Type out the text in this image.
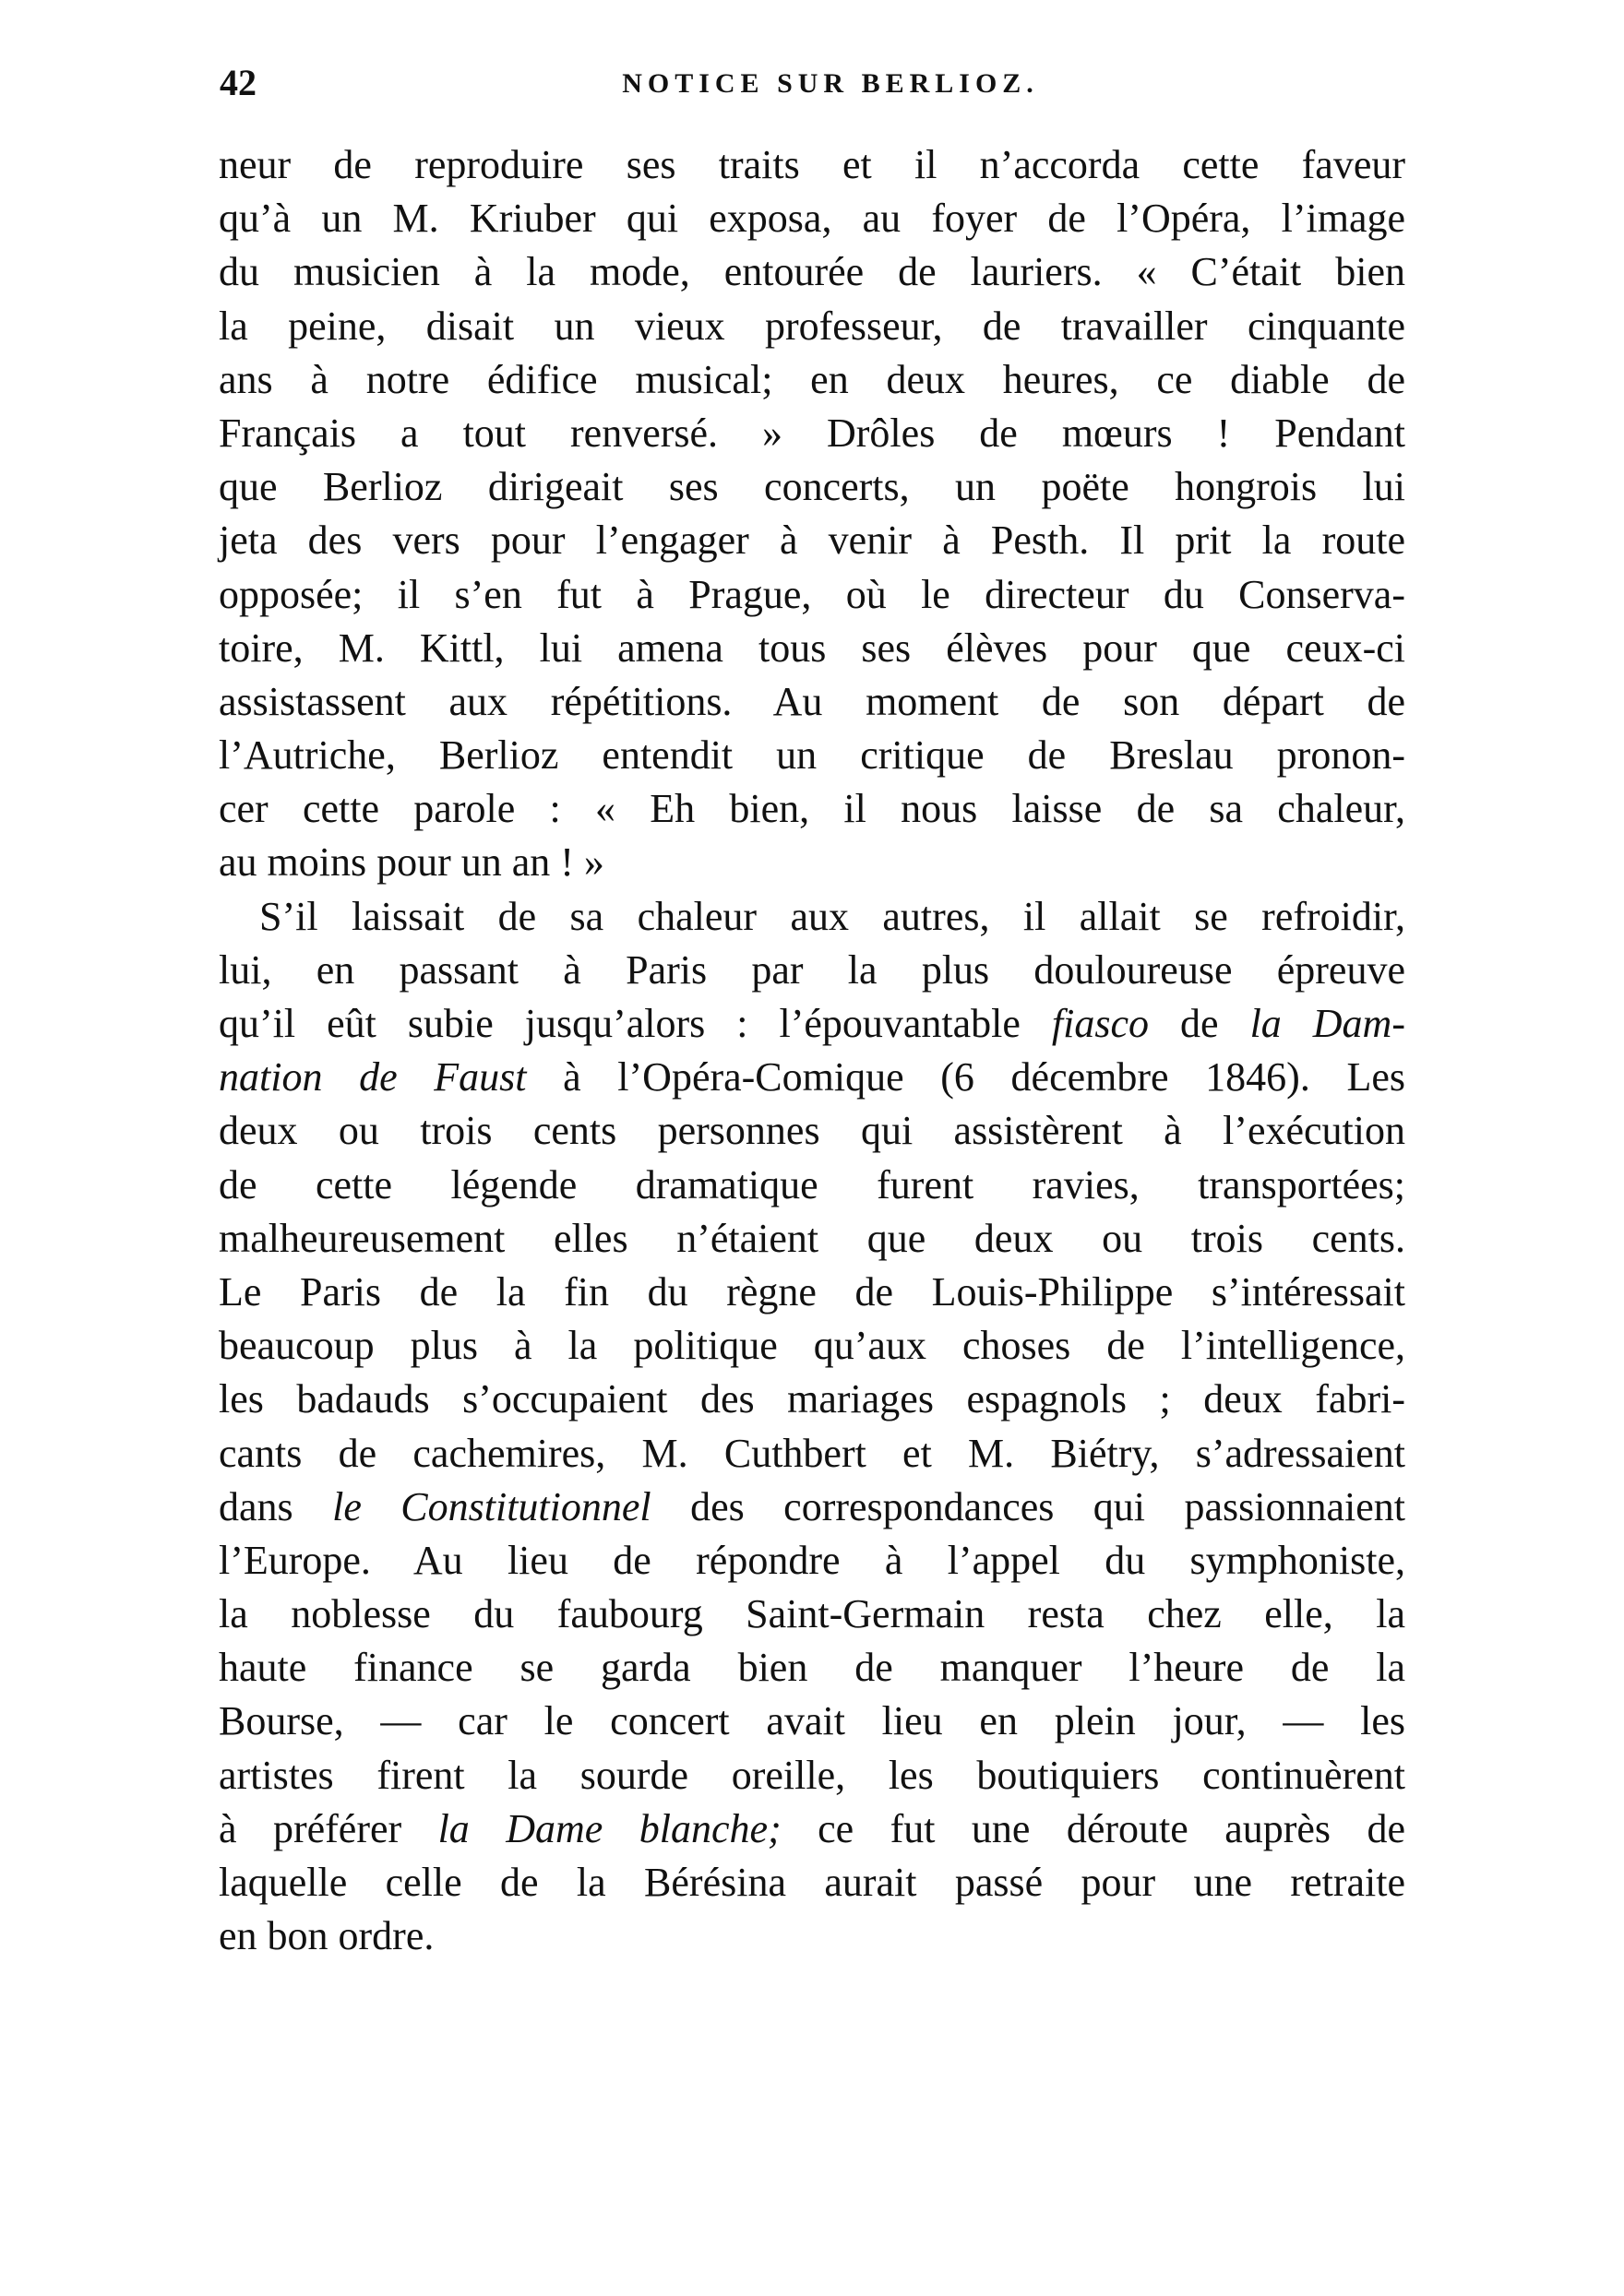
42	NOTICE SUR BERLIOZ.
neur de reproduire ses traits et il n’accorda cette faveur
qu’à un M. Kriuber qui exposa, au foyer de l’Opéra, l’image
du musicien à la mode, entourée de lauriers. « C’était bien
la peine, disait un vieux professeur, de travailler cinquante
ans à notre édifice musical; en deux heures, ce diable de
Français a tout renversé. » Drôles de mœurs ! Pendant
que Berlioz dirigeait ses concerts, un poëte hongrois lui
jeta des vers pour l’engager à venir à Pesth. Il prit la route
opposée; il s’en fut à Prague, où le directeur du Conserva-
toire, M. Kittl, lui amena tous ses élèves pour que ceux-ci
assistassent aux répétitions. Au moment de son départ de
l’Autriche, Berlioz entendit un critique de Breslau pronon-
cer cette parole : « Eh bien, il nous laisse de sa chaleur,
au moins pour un an ! »
S’il laissait de sa chaleur aux autres, il allait se refroidir,
lui, en passant à Paris par la plus douloureuse épreuve
qu’il eût subie jusqu’alors : l’épouvantable fiasco de la Dam-
nation de Faust à l’Opéra-Comique (6 décembre 1846). Les
deux ou trois cents personnes qui assistèrent à l’exécution
de cette légende dramatique furent ravies, transportées;
malheureusement elles n’étaient que deux ou trois cents.
Le Paris de la fin du règne de Louis-Philippe s’intéressait
beaucoup plus à la politique qu’aux choses de l’intelligence,
les badauds s’occupaient des mariages espagnols ; deux fabri-
cants de cachemires, M. Cuthbert et M. Biétry, s’adressaient
dans le Constitutionnel des correspondances qui passionnaient
l’Europe. Au lieu de répondre à l’appel du symphoniste,
la noblesse du faubourg Saint-Germain resta chez elle, la
haute finance se garda bien de manquer l’heure de la
Bourse, — car le concert avait lieu en plein jour, — les
artistes firent la sourde oreille, les boutiquiers continuèrent
à préférer la Dame blanche; ce fut une déroute auprès de
laquelle celle de la Bérésina aurait passé pour une retraite
en bon ordre.
